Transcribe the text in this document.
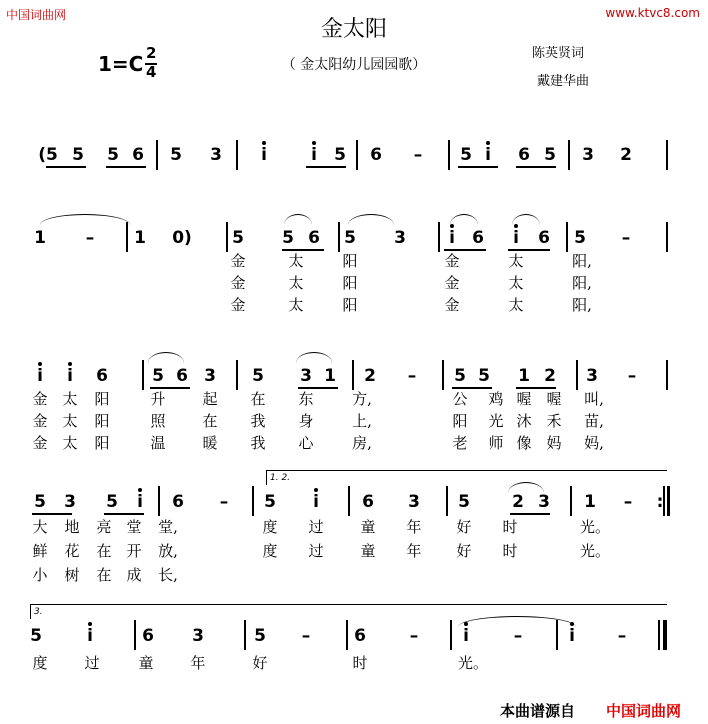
中国词曲网	www.ktvc8.com
金太阳
（ 金太阳幼儿园园歌）
1=C 2
4
陈英贤词
戴建华曲
(5 5 5 6 5 3	i	i	5 6	–	5 i	6 5 3 2
1	–	1 0) 5 5 6 5 3	i	6	i	6 5	–
金	太	阳	金	太	阳,
金	太	阳	金	太	阳,
金	太	阳	金	太	阳,
i	i	6	5 6 3 5 3 1 2	–	5 5 1 2 3	–
金 太 阳	升 起 在 东	方,	公 鸡 喔 喔 叫,
金 太 阳	照 在 我 身	上,	阳 光 沐 禾 苗,
金 太 阳	温 暖 我 心	房,	老 师 像 妈 妈,
1. 2.
5 3 5	i	6	–	5	i	6 3 5 2 3 1	–	:
大 地 亮 堂 堂,	度 过 童 年 好 时	光。
鲜 花 在 开 放,	度 过 童 年 好 时	光。
小 树 在 成 长,
3.
5	i	6 3	5	–	6	–	i	–	i	–
度 过	童 年	好	时	光。
本曲谱源自 中国词曲网
